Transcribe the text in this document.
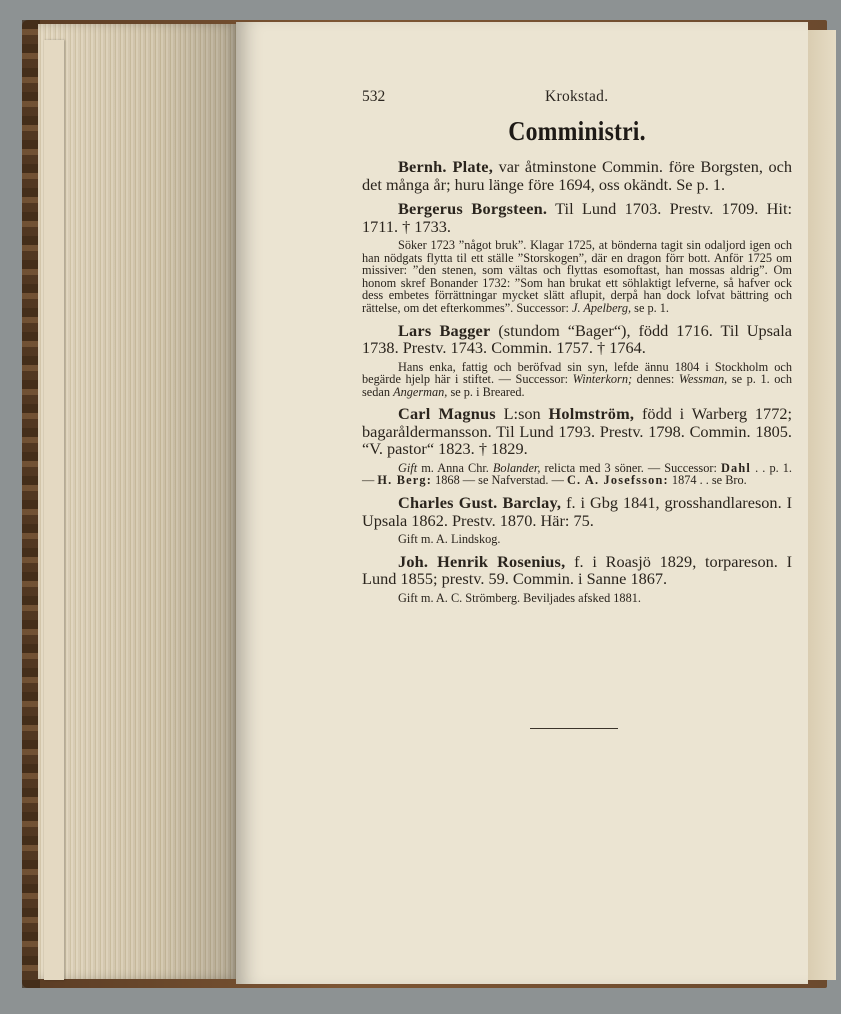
532	Krokstad.
Comministri.

Bernh. Plate, var åtminstone Commin. före Borgsten, och det många år; huru länge före 1694, oss okändt. Se p. 1.

Bergerus Borgsteen. Til Lund 1703. Prestv. 1709. Hit: 1711. † 1733.

Söker 1723 ”något bruk”. Klagar 1725, at bönderna tagit sin odaljord igen och han nödgats flytta til ett ställe ”Storskogen”, där en dragon förr bott. Anför 1725 om missiver: ”den stenen, som vältas och flyttas esomoftast, han mossas aldrig”. Om honom skref Bonander 1732: ”Som han brukat ett söhlaktigt lefverne, så hafver ock dess embetes förrättningar mycket slätt aflupit, derpå han dock lofvat bättring och rättelse, om det efterkommes”. Successor: J. Apelberg, se p. 1.

Lars Bagger (stundom “Bager“), född 1716. Til Upsala 1738. Prestv. 1743. Commin. 1757. † 1764.

Hans enka, fattig och beröfvad sin syn, lefde ännu 1804 i Stockholm och begärde hjelp här i stiftet. — Successor: Winterkorn; dennes: Wessman, se p. 1. och sedan Angerman, se p. i Breared.

Carl Magnus L:son Holmström, född i Warberg 1772; bagaråldermansson. Til Lund 1793. Prestv. 1798. Commin. 1805. “V. pastor“ 1823. † 1829.

Gift m. Anna Chr. Bolander, relicta med 3 söner. — Successor: Dahl . . p. 1. — H. Berg: 1868 — se Nafverstad. — C. A. Josefsson: 1874 . . se Bro.

Charles Gust. Barclay, f. i Gbg 1841, grosshandlareson. I Upsala 1862. Prestv. 1870. Här: 75.

Gift m. A. Lindskog.

Joh. Henrik Rosenius, f. i Roasjö 1829, torpareson. I Lund 1855; prestv. 59. Commin. i Sanne 1867.

Gift m. A. C. Strömberg. Beviljades afsked 1881.
